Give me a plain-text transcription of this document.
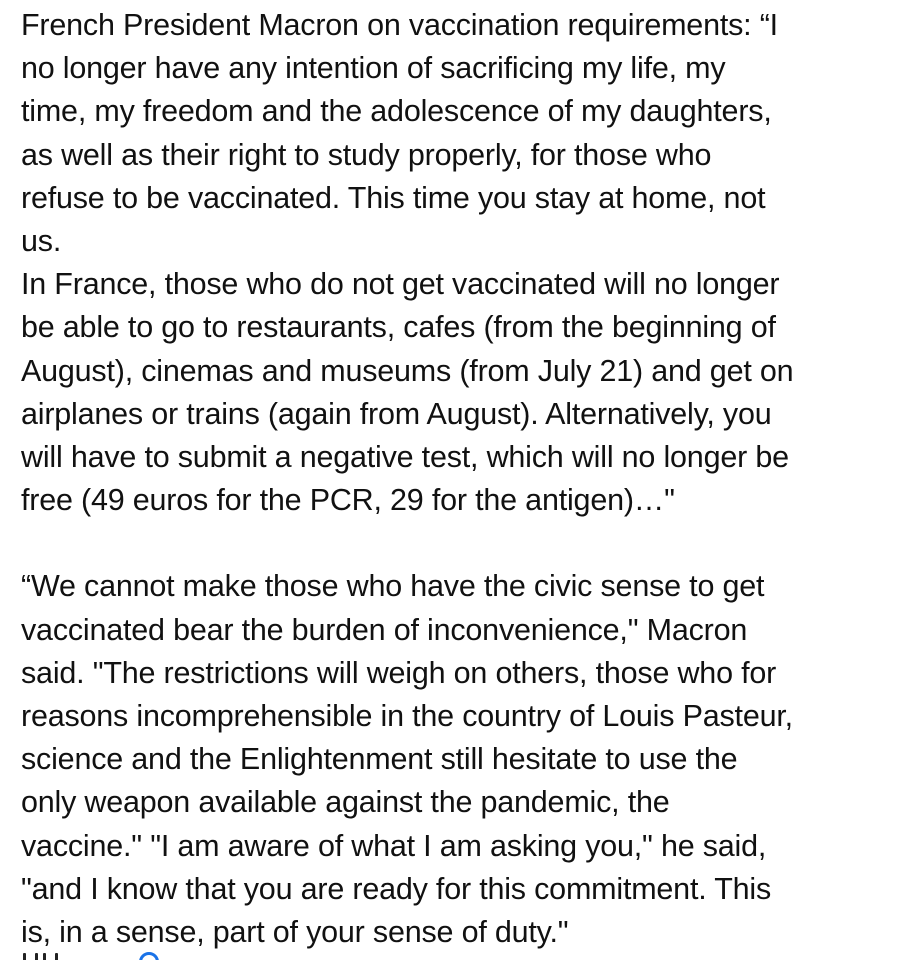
French President Macron on vaccination requirements: “I
no longer have any intention of sacrificing my life, my
time, my freedom and the adolescence of my daughters,
as well as their right to study properly, for those who
refuse to be vaccinated. This time you stay at home, not
us.
In France, those who do not get vaccinated will no longer
be able to go to restaurants, cafes (from the beginning of
August), cinemas and museums (from July 21) and get on
airplanes or trains (again from August). Alternatively, you
will have to submit a negative test, which will no longer be
free (49 euros for the PCR, 29 for the antigen)…"
“We cannot make those who have the civic sense to get
vaccinated bear the burden of inconvenience," Macron
said. "The restrictions will weigh on others, those who for
reasons incomprehensible in the country of Louis Pasteur,
science and the Enlightenment still hesitate to use the
only weapon available against the pandemic, the
vaccine." "I am aware of what I am asking you," he said,
"and I know that you are ready for this commitment. This
is, in a sense, part of your sense of duty."
